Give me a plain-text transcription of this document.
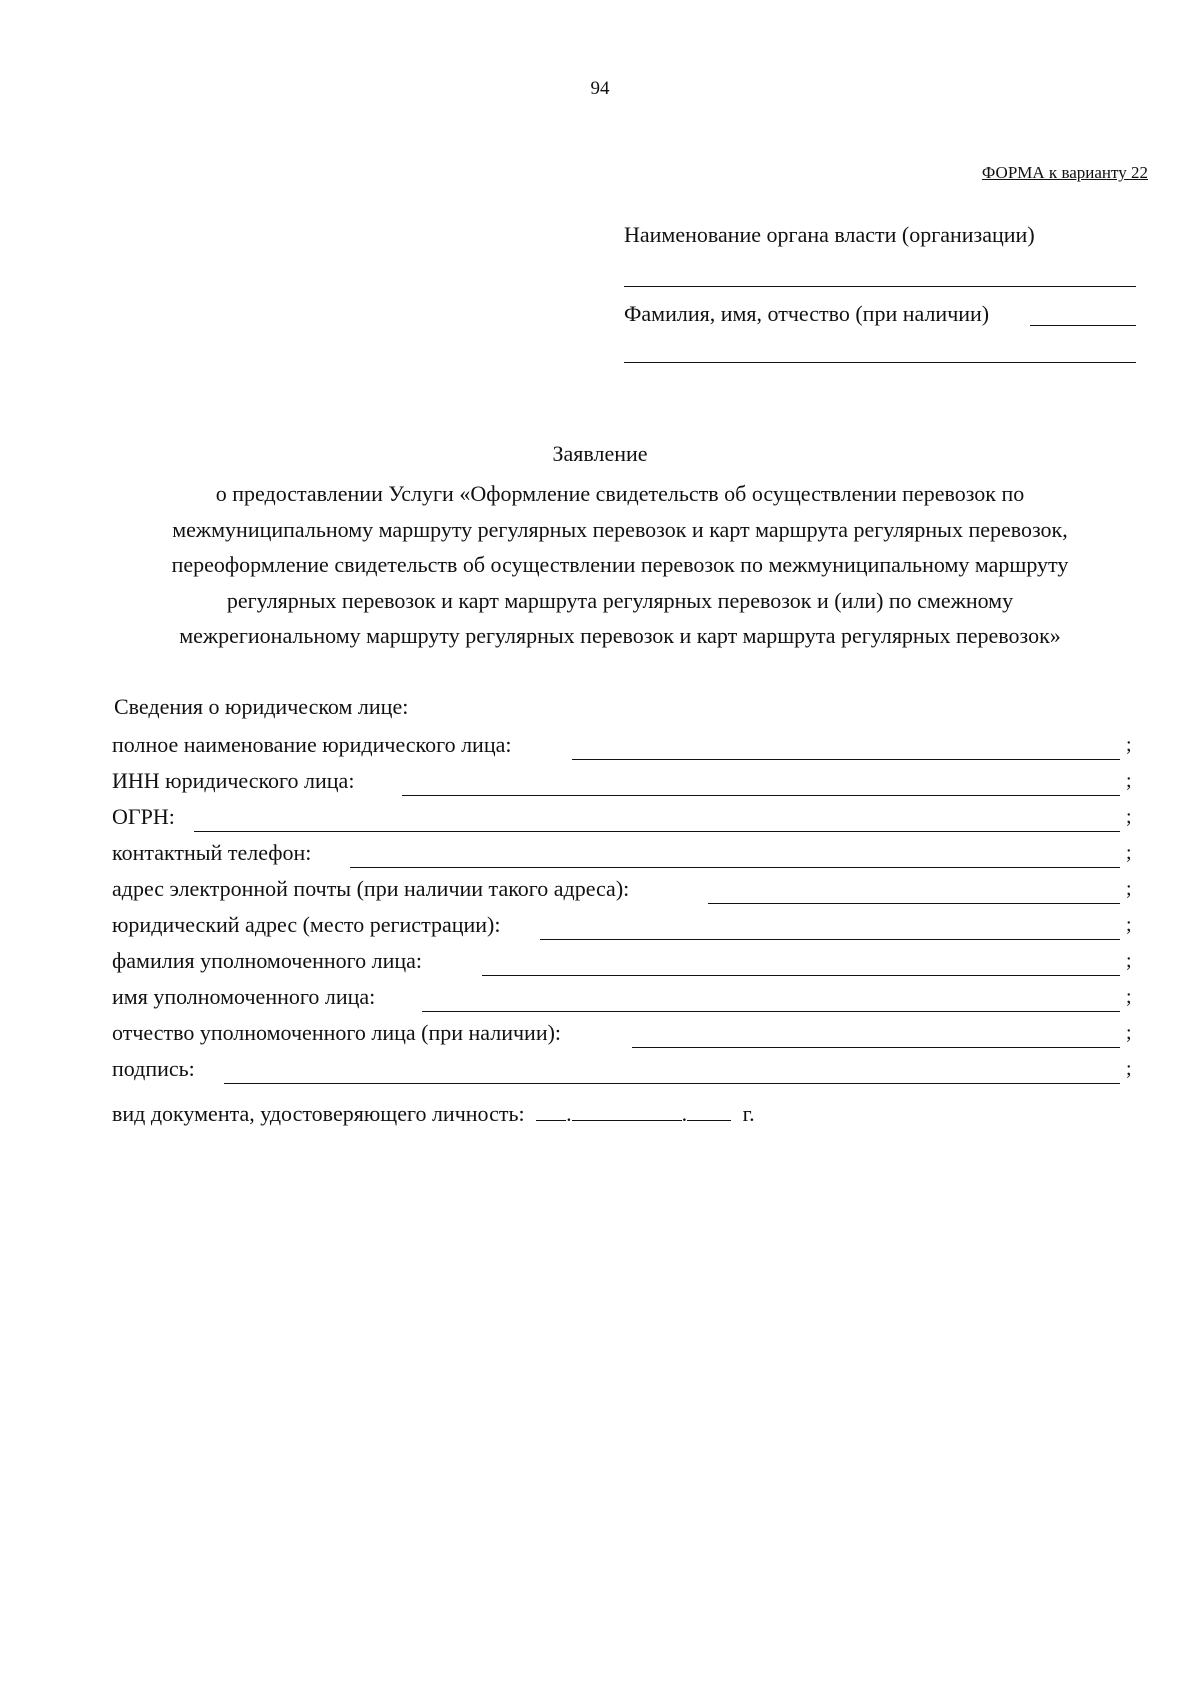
94
ФОРМА к варианту 22
Наименование органа власти (организации)
Фамилия, имя, отчество (при наличии)
Заявление
о предоставлении Услуги «Оформление свидетельств об осуществлении перевозок по
межмуниципальному маршруту регулярных перевозок и карт маршрута регулярных перевозок,
переоформление свидетельств об осуществлении перевозок по межмуниципальному маршруту
регулярных перевозок и карт маршрута регулярных перевозок и (или) по смежному
межрегиональному маршруту регулярных перевозок и карт маршрута регулярных перевозок»
Сведения о юридическом лице:
полное наименование юридического лица:	;
ИНН юридического лица:	;
ОГРН:	;
контактный телефон:	;
адрес электронной почты (при наличии такого адреса):	;
юридический адрес (место регистрации):	;
фамилия уполномоченного лица:	;
имя уполномоченного лица:	;
отчество уполномоченного лица (при наличии):	;
подпись:	;
вид документа, удостоверяющего личность: .	.	г.
